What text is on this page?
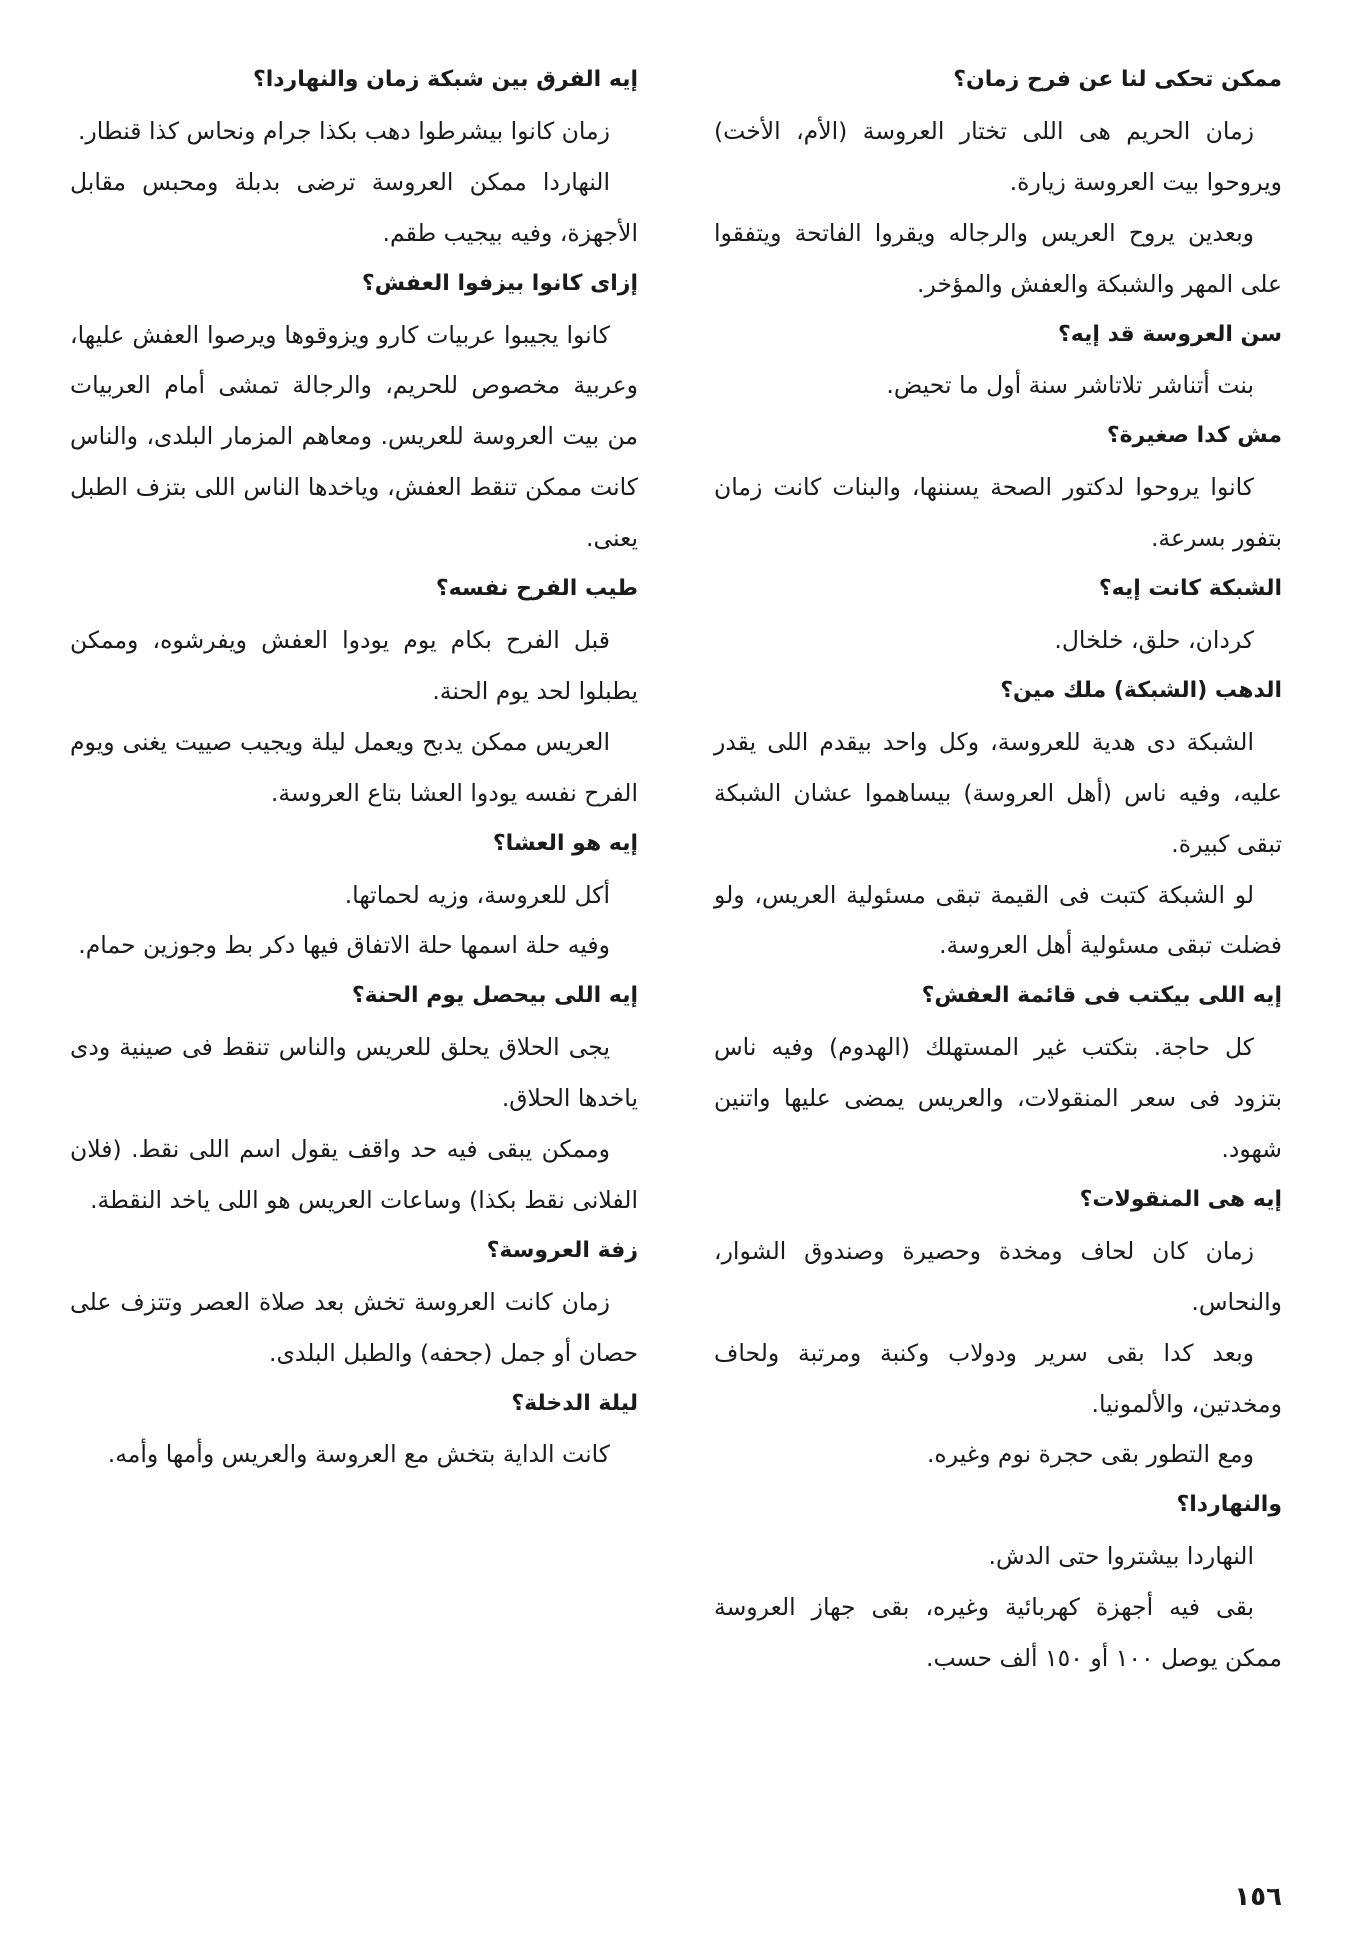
ممكن تحكى لنا عن فرح زمان؟

زمان الحريم هى اللى تختار العروسة (الأم، الأخت) ويروحوا بيت العروسة زيارة.

وبعدين يروح العريس والرجاله ويقروا الفاتحة ويتفقوا على المهر والشبكة والعفش والمؤخر.

سن العروسة قد إيه؟

بنت أتناشر تلاتاشر سنة أول ما تحيض.

مش كدا صغيرة؟

كانوا يروحوا لدكتور الصحة يسننها، والبنات كانت زمان بتفور بسرعة.

الشبكة كانت إيه؟

كردان، حلق، خلخال.

الدهب (الشبكة) ملك مين؟

الشبكة دى هدية للعروسة، وكل واحد بيقدم اللى يقدر عليه، وفيه ناس (أهل العروسة) بيساهموا عشان الشبكة تبقى كبيرة.

لو الشبكة كتبت فى القيمة تبقى مسئولية العريس، ولو فضلت تبقى مسئولية أهل العروسة.

إيه اللى بيكتب فى قائمة العفش؟

كل حاجة. بتكتب غير المستهلك (الهدوم) وفيه ناس بتزود فى سعر المنقولات، والعريس يمضى عليها واتنين شهود.

إيه هى المنقولات؟

زمان كان لحاف ومخدة وحصيرة وصندوق الشوار، والنحاس.

وبعد كدا بقى سرير ودولاب وكنبة ومرتبة ولحاف ومخدتين، والألمونيا.

ومع التطور بقى حجرة نوم وغيره.

والنهاردا؟

النهاردا بيشتروا حتى الدش.

بقى فيه أجهزة كهربائية وغيره، بقى جهاز العروسة ممكن يوصل ١٠٠ أو ١٥٠ ألف حسب.

إيه الفرق بين شبكة زمان والنهاردا؟

زمان كانوا بيشرطوا دهب بكذا جرام ونحاس كذا قنطار.

النهاردا ممكن العروسة ترضى بدبلة ومحبس مقابل الأجهزة، وفيه بيجيب طقم.

إزاى كانوا بيزفوا العفش؟

كانوا يجيبوا عربيات كارو ويزوقوها ويرصوا العفش عليها، وعربية مخصوص للحريم، والرجالة تمشى أمام العربيات من بيت العروسة للعريس. ومعاهم المزمار البلدى، والناس كانت ممكن تنقط العفش، وياخدها الناس اللى بتزف الطبل يعنى.

طيب الفرح نفسه؟

قبل الفرح بكام يوم يودوا العفش ويفرشوه، وممكن يطبلوا لحد يوم الحنة.

العريس ممكن يدبح ويعمل ليلة ويجيب صييت يغنى ويوم الفرح نفسه يودوا العشا بتاع العروسة.

إيه هو العشا؟

أكل للعروسة، وزيه لحماتها.

وفيه حلة اسمها حلة الاتفاق فيها دكر بط وجوزين حمام.

إيه اللى بيحصل يوم الحنة؟

يجى الحلاق يحلق للعريس والناس تنقط فى صينية ودى ياخدها الحلاق.

وممكن يبقى فيه حد واقف يقول اسم اللى نقط. (فلان الفلانى نقط بكذا) وساعات العريس هو اللى ياخد النقطة.

زفة العروسة؟

زمان كانت العروسة تخش بعد صلاة العصر وتتزف على حصان أو جمل (جحفه) والطبل البلدى.

ليلة الدخلة؟

كانت الداية بتخش مع العروسة والعريس وأمها وأمه.

١٥٦
